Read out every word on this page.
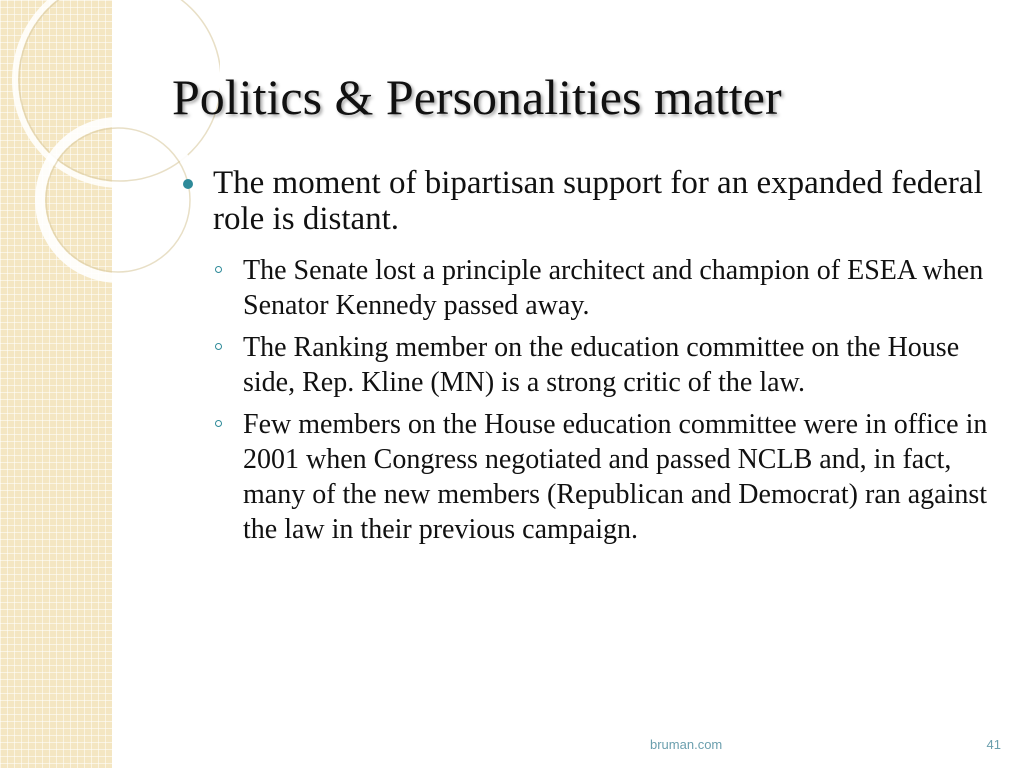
Politics & Personalities matter
The moment of bipartisan support for an expanded federal role is distant.
The Senate lost a principle architect and champion of ESEA when Senator Kennedy passed away.
The Ranking member on the education committee on the House side, Rep. Kline (MN) is a strong critic of the law.
Few members on the House education committee were in office in 2001 when Congress negotiated and passed NCLB and, in fact, many of the new members (Republican and Democrat) ran against the law in their previous campaign.
bruman.com	41
